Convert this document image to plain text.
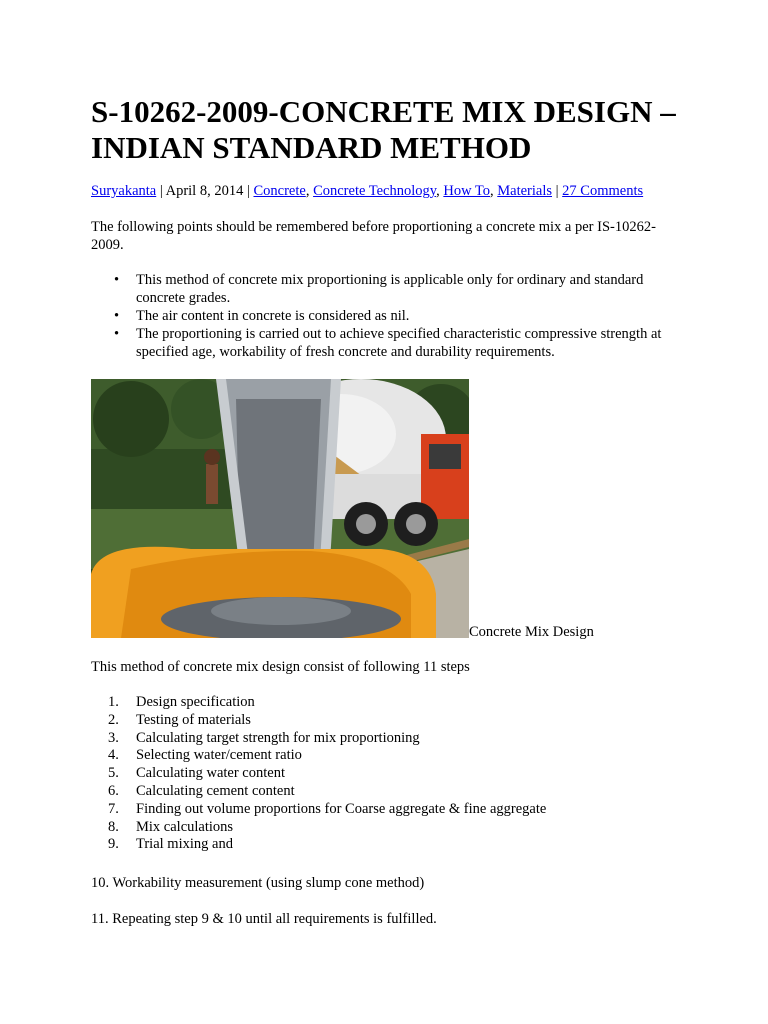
S-10262-2009-CONCRETE MIX DESIGN – INDIAN STANDARD METHOD
Suryakanta | April 8, 2014 | Concrete, Concrete Technology, How To, Materials | 27 Comments

The following points should be remembered before proportioning a concrete mix a per IS-10262-2009.

• This method of concrete mix proportioning is applicable only for ordinary and standard concrete grades.
• The air content in concrete is considered as nil.
• The proportioning is carried out to achieve specified characteristic compressive strength at specified age, workability of fresh concrete and durability requirements.
Concrete Mix Design

This method of concrete mix design consist of following 11 steps

1. Design specification
2. Testing of materials
3. Calculating target strength for mix proportioning
4. Selecting water/cement ratio
5. Calculating water content
6. Calculating cement content
7. Finding out volume proportions for Coarse aggregate & fine aggregate
8. Mix calculations
9. Trial mixing and

10. Workability measurement (using slump cone method)

11. Repeating step 9 & 10 until all requirements is fulfilled.
